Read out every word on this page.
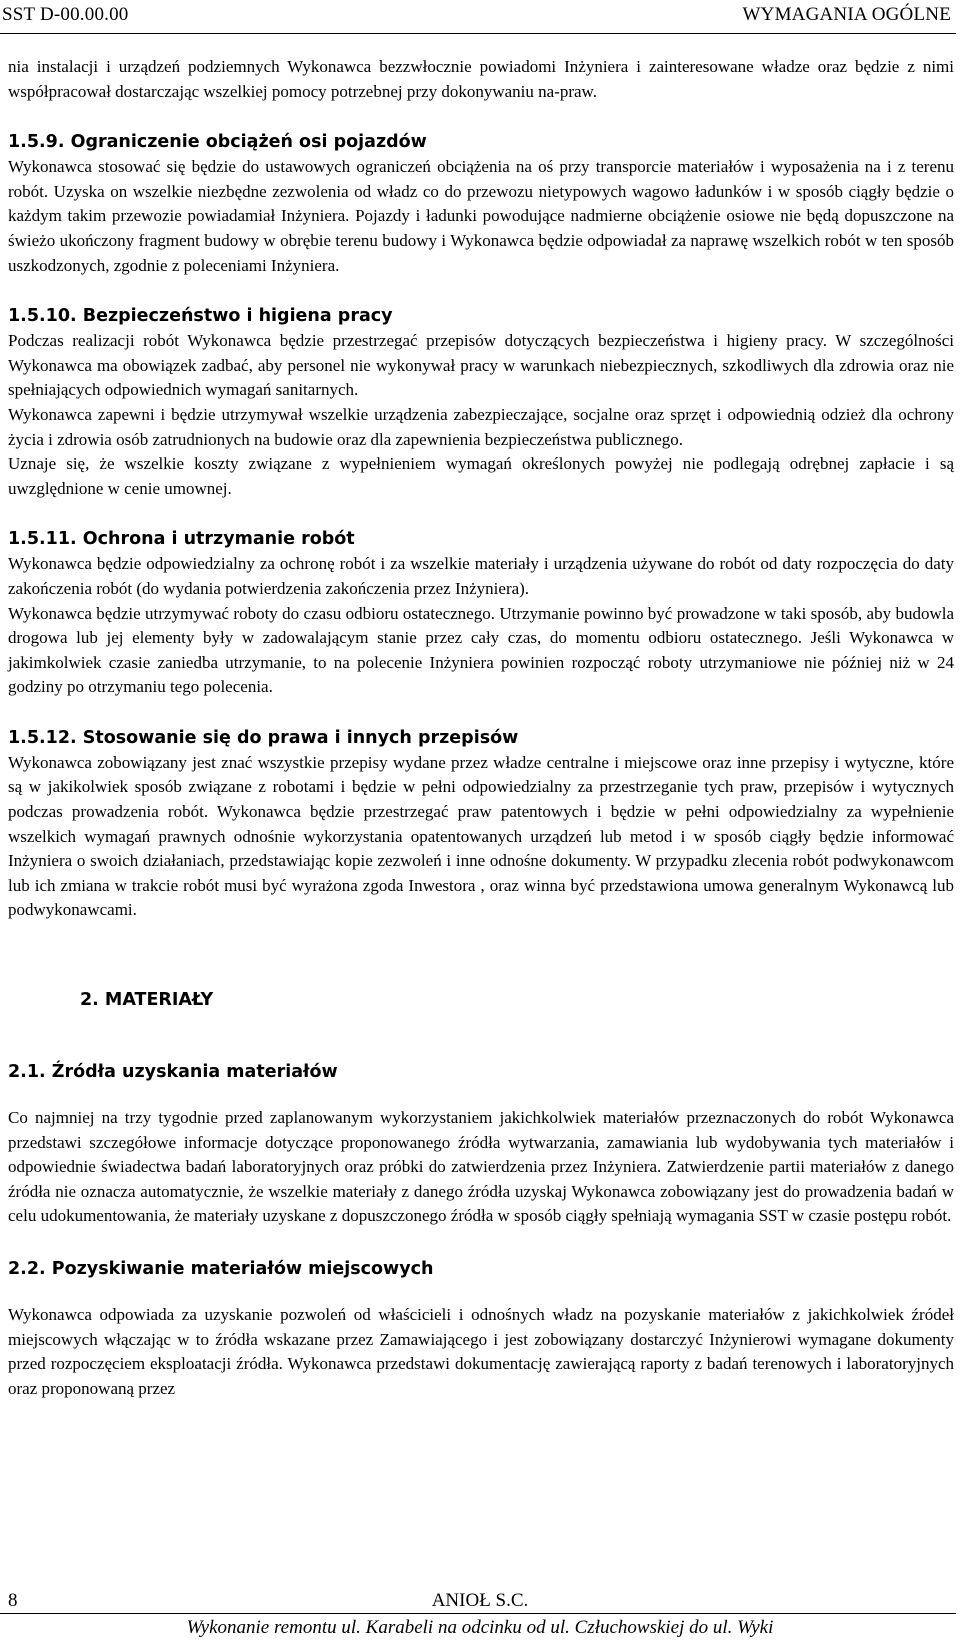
SST D-00.00.00	WYMAGANIA OGÓLNE

nia instalacji i urządzeń podziemnych Wykonawca bezzwłocznie powiadomi Inżyniera i zainteresowane władze oraz będzie z nimi współpracował dostarczając wszelkiej pomocy potrzebnej przy dokonywaniu na-praw.

1.5.9. Ograniczenie obciążeń osi pojazdów

Wykonawca stosować się będzie do ustawowych ograniczeń obciążenia na oś przy transporcie materiałów i wyposażenia na i z terenu robót. Uzyska on wszelkie niezbędne zezwolenia od władz co do przewozu nietypowych wagowo ładunków i w sposób ciągły będzie o każdym takim przewozie powiadamiał Inżyniera. Pojazdy i ładunki powodujące nadmierne obciążenie osiowe nie będą dopuszczone na świeżo ukończony fragment budowy w obrębie terenu budowy i Wykonawca będzie odpowiadał za naprawę wszelkich robót w ten sposób uszkodzonych, zgodnie z poleceniami Inżyniera.

1.5.10. Bezpieczeństwo i higiena pracy

Podczas realizacji robót Wykonawca będzie przestrzegać przepisów dotyczących bezpieczeństwa i higieny pracy. W szczególności Wykonawca ma obowiązek zadbać, aby personel nie wykonywał pracy w warunkach niebezpiecznych, szkodliwych dla zdrowia oraz nie spełniających odpowiednich wymagań sanitarnych.

Wykonawca zapewni i będzie utrzymywał wszelkie urządzenia zabezpieczające, socjalne oraz sprzęt i odpowiednią odzież dla ochrony życia i zdrowia osób zatrudnionych na budowie oraz dla zapewnienia bezpieczeństwa publicznego.

Uznaje się, że wszelkie koszty związane z wypełnieniem wymagań określonych powyżej nie podlegają odrębnej zapłacie i są uwzględnione w cenie umownej.

1.5.11. Ochrona i utrzymanie robót

Wykonawca będzie odpowiedzialny za ochronę robót i za wszelkie materiały i urządzenia używane do robót od daty rozpoczęcia do daty zakończenia robót (do wydania potwierdzenia zakończenia przez Inżyniera).

Wykonawca będzie utrzymywać roboty do czasu odbioru ostatecznego. Utrzymanie powinno być prowadzone w taki sposób, aby budowla drogowa lub jej elementy były w zadowalającym stanie przez cały czas, do momentu odbioru ostatecznego. Jeśli Wykonawca w jakimkolwiek czasie zaniedba utrzymanie, to na polecenie Inżyniera powinien rozpocząć roboty utrzymaniowe nie później niż w 24 godziny po otrzymaniu tego polecenia.

1.5.12. Stosowanie się do prawa i innych przepisów

Wykonawca zobowiązany jest znać wszystkie przepisy wydane przez władze centralne i miejscowe oraz inne przepisy i wytyczne, które są w jakikolwiek sposób związane z robotami i będzie w pełni odpowiedzialny za przestrzeganie tych praw, przepisów i wytycznych podczas prowadzenia robót. Wykonawca będzie przestrzegać praw patentowych i będzie w pełni odpowiedzialny za wypełnienie wszelkich wymagań prawnych odnośnie wykorzystania opatentowanych urządzeń lub metod i w sposób ciągły będzie informować Inżyniera o swoich działaniach, przedstawiając kopie zezwoleń i inne odnośne dokumenty. W przypadku zlecenia robót podwykonawcom lub ich zmiana w trakcie robót musi być wyrażona zgoda Inwestora , oraz winna być przedstawiona umowa generalnym Wykonawcą lub podwykonawcami.

2. MATERIAŁY
2.1. Źródła uzyskania materiałów

Co najmniej na trzy tygodnie przed zaplanowanym wykorzystaniem jakichkolwiek materiałów przeznaczonych do robót Wykonawca przedstawi szczegółowe informacje dotyczące proponowanego źródła wytwarzania, zamawiania lub wydobywania tych materiałów i odpowiednie świadectwa badań laboratoryjnych oraz próbki do zatwierdzenia przez Inżyniera. Zatwierdzenie partii materiałów z danego źródła nie oznacza automatycznie, że wszelkie materiały z danego źródła uzyskaj Wykonawca zobowiązany jest do prowadzenia badań w celu udokumentowania, że materiały uzyskane z dopuszczonego źródła w sposób ciągły spełniają wymagania SST w czasie postępu robót.

2.2. Pozyskiwanie materiałów miejscowych

Wykonawca odpowiada za uzyskanie pozwoleń od właścicieli i odnośnych władz na pozyskanie materiałów z jakichkolwiek źródeł miejscowych włączając w to źródła wskazane przez Zamawiającego i jest zobowiązany dostarczyć Inżynierowi wymagane dokumenty przed rozpoczęciem eksploatacji źródła. Wykonawca przedstawi dokumentację zawierającą raporty z badań terenowych i laboratoryjnych oraz proponowaną przez

8	ANIOŁ S.C.
Wykonanie remontu ul. Karabeli na odcinku od ul. Człuchowskiej do ul. Wyki
